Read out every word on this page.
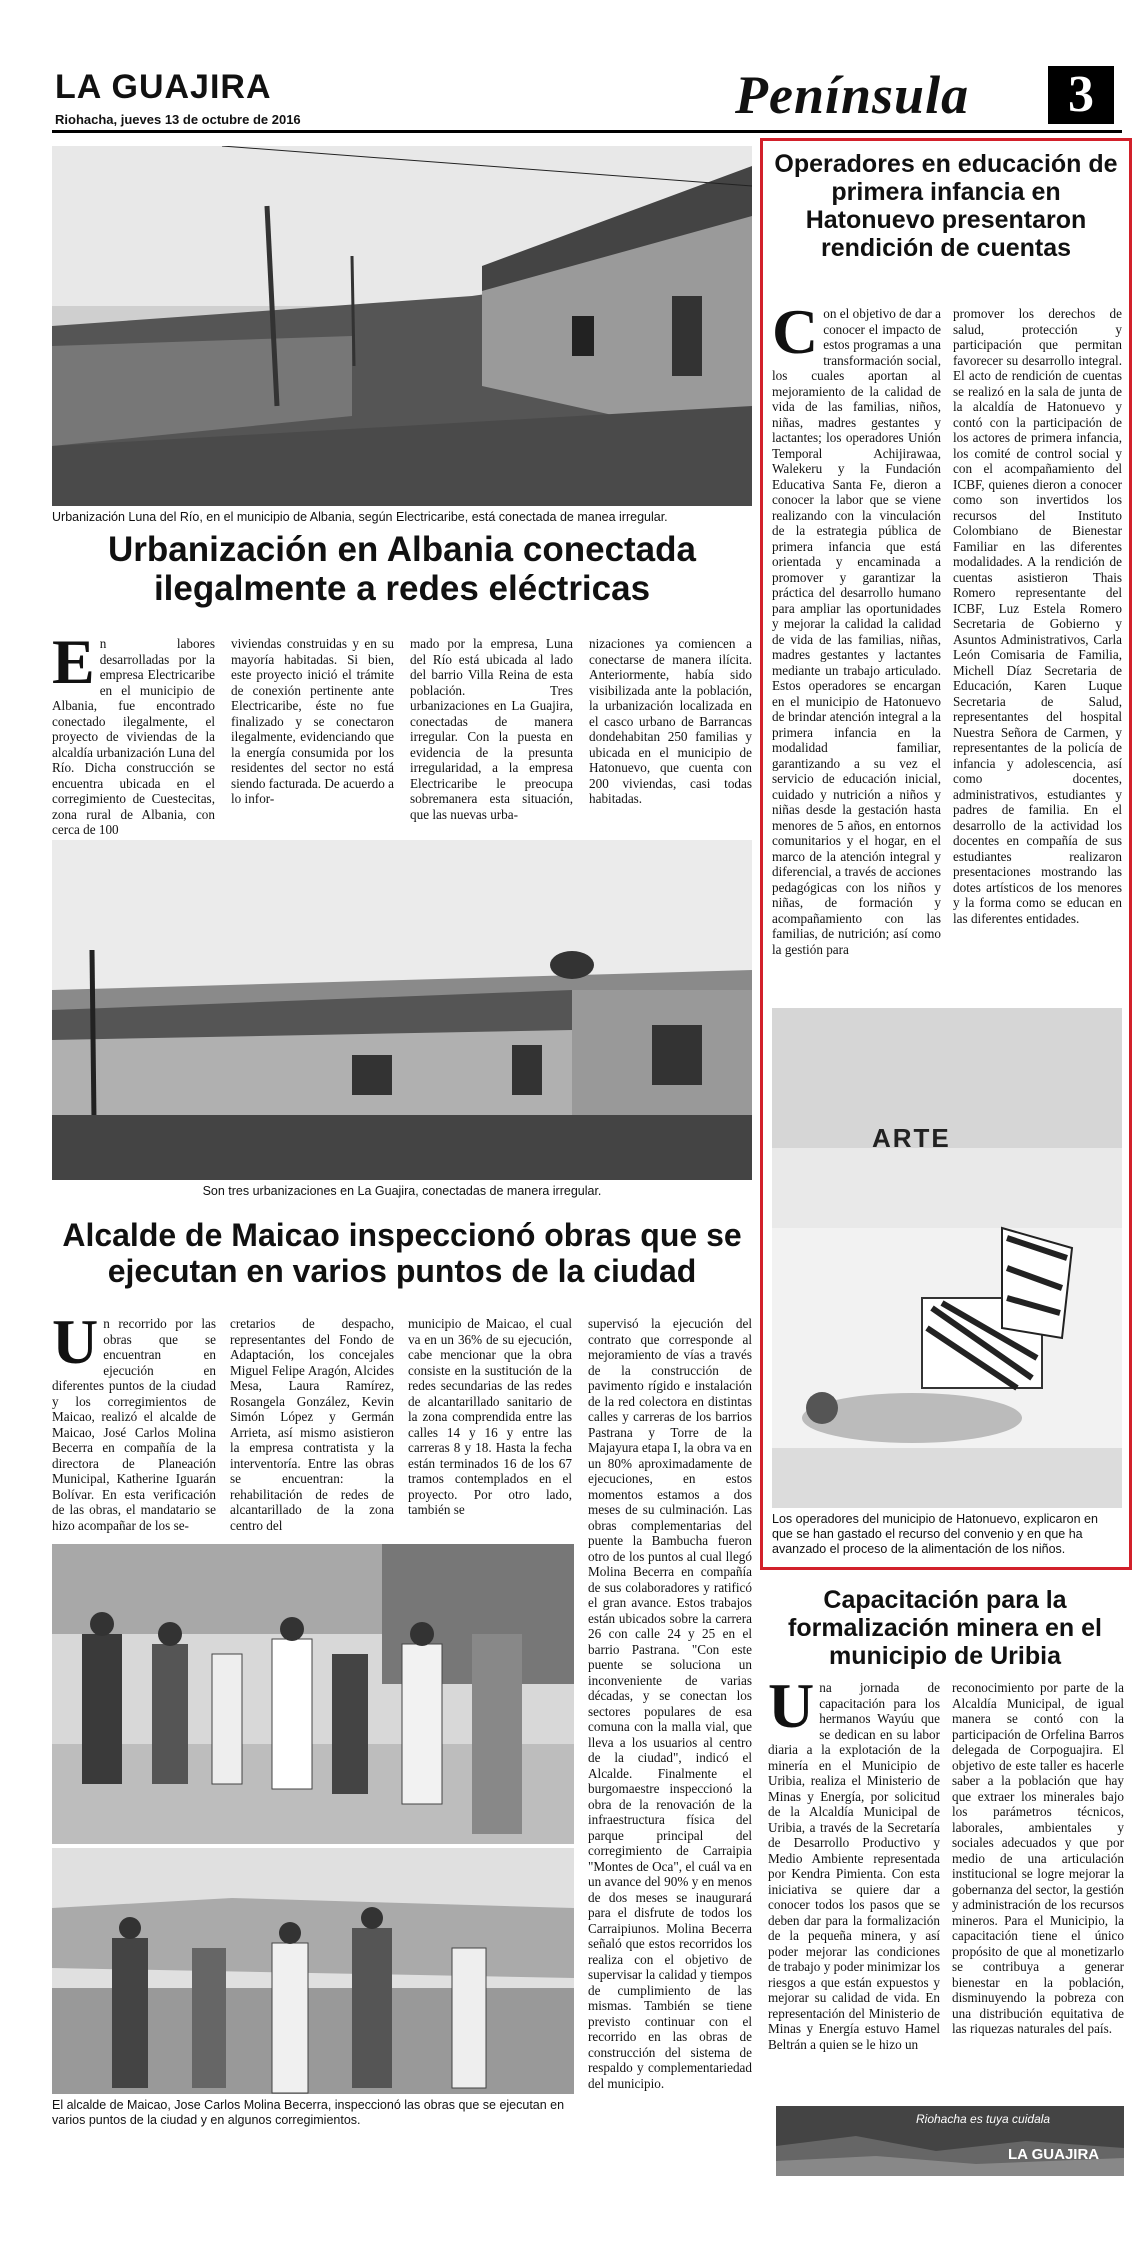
LA GUAJIRA
Riohacha, jueves 13 de octubre de 2016	Península	3
Urbanización Luna del Río, en el municipio de Albania, según Electricaribe, está conectada de manea irregular.
Urbanización en Albania conectada ilegalmente a redes eléctricas
En labores desarrolladas por la empresa Electricaribe en el municipio de Albania, fue encontrado conectado ilegalmente, el proyecto de viviendas de la alcaldía urbanización Luna del Río. Dicha construcción se encuentra ubicada en el corregimiento de Cuestecitas, zona rural de Albania, con cerca de 100
viviendas construidas y en su mayoría habitadas. Si bien, este proyecto inició el trámite de conexión pertinente ante Electricaribe, éste no fue finalizado y se conectaron ilegalmente, evidenciando que la energía consumida por los residentes del sector no está siendo facturada. De acuerdo a lo infor-
mado por la empresa, Luna del Río está ubicada al lado del barrio Villa Reina de esta población. Tres urbanizaciones en La Guajira, conectadas de manera irregular. Con la puesta en evidencia de la presunta irregularidad, a la empresa Electricaribe le preocupa sobremanera esta situación, que las nuevas urba-
nizaciones ya comiencen a conectarse de manera ilícita. Anteriormente, había sido visibilizada ante la población, la urbanización localizada en el casco urbano de Barrancas dondehabitan 250 familias y ubicada en el municipio de Hatonuevo, que cuenta con 200 viviendas, casi todas habitadas.
Son tres urbanizaciones en La Guajira, conectadas de manera irregular.
Alcalde de Maicao inspeccionó obras que se ejecutan en varios puntos de la ciudad
Un recorrido por las obras que se encuentran en ejecución en diferentes puntos de la ciudad y los corregimientos de Maicao, realizó el alcalde de Maicao, José Carlos Molina Becerra en compañía de la directora de Planeación Municipal, Katherine Iguarán Bolívar. En esta verificación de las obras, el mandatario se hizo acompañar de los se-
cretarios de despacho, representantes del Fondo de Adaptación, los concejales Miguel Felipe Aragón, Alcides Mesa, Laura Ramírez, Rosangela González, Kevin Simón López y Germán Arrieta, así mismo asistieron la empresa contratista y la interventoría. Entre las obras se encuentran: la rehabilitación de redes de alcantarillado de la zona centro del
municipio de Maicao, el cual va en un 36% de su ejecución, cabe mencionar que la obra consiste en la sustitución de la redes secundarias de las redes de alcantarillado sanitario de la zona comprendida entre las calles 14 y 16 y entre las carreras 8 y 18. Hasta la fecha están terminados 16 de los 67 tramos contemplados en el proyecto. Por otro lado, también se
supervisó la ejecución del contrato que corresponde al mejoramiento de vías a través de la construcción de pavimento rígido e instalación de la red colectora en distintas calles y carreras de los barrios Pastrana y Torre de la Majayura etapa I, la obra va en un 80% aproximadamente de ejecuciones, en estos momentos estamos a dos meses de su culminación. Las obras complementarias del puente la Bambucha fueron otro de los puntos al cual llegó Molina Becerra en compañía de sus colaboradores y ratificó el gran avance. Estos trabajos están ubicados sobre la carrera 26 con calle 24 y 25 en el barrio Pastrana. "Con este puente se soluciona un inconveniente de varias décadas, y se conectan los sectores populares de esa comuna con la malla vial, que lleva a los usuarios al centro de la ciudad", indicó el Alcalde. Finalmente el burgomaestre inspeccionó la obra de la renovación de la infraestructura física del parque principal del corregimiento de Carraipia "Montes de Oca", el cuál va en un avance del 90% y en menos de dos meses se inaugurará para el disfrute de todos los Carraipiunos. Molina Becerra señaló que estos recorridos los realiza con el objetivo de supervisar la calidad y tiempos de cumplimiento de las mismas. También se tiene previsto continuar con el recorrido en las obras de construcción del sistema de respaldo y complementariedad del municipio.
El alcalde de Maicao, Jose Carlos Molina Becerra, inspeccionó las obras que se ejecutan en varios puntos de la ciudad y en algunos corregimientos.
Operadores en educación de primera infancia en Hatonuevo presentaron rendición de cuentas
Con el objetivo de dar a conocer el impacto de estos programas a una transformación social, los cuales aportan al mejoramiento de la calidad de vida de las familias, niños, niñas, madres gestantes y lactantes; los operadores Unión Temporal Achijirawaa, Walekeru y la Fundación Educativa Santa Fe, dieron a conocer la labor que se viene realizando con la vinculación de la estrategia pública de primera infancia que está orientada y encaminada a promover y garantizar la práctica del desarrollo humano para ampliar las oportunidades y mejorar la calidad la calidad de vida de las familias, niñas, madres gestantes y lactantes mediante un trabajo articulado. Estos operadores se encargan en el municipio de Hatonuevo de brindar atención integral a la primera infancia en la modalidad familiar, garantizando a su vez el servicio de educación inicial, cuidado y nutrición a niños y niñas desde la gestación hasta menores de 5 años, en entornos comunitarios y el hogar, en el marco de la atención integral y diferencial, a través de acciones pedagógicas con los niños y niñas, de formación y acompañamiento con las familias, de nutrición; así como la gestión para
promover los derechos de salud, protección y participación que permitan favorecer su desarrollo integral. El acto de rendición de cuentas se realizó en la sala de junta de la alcaldía de Hatonuevo y contó con la participación de los actores de primera infancia, los comité de control social y con el acompañamiento del ICBF, quienes dieron a conocer como son invertidos los recursos del Instituto Colombiano de Bienestar Familiar en las diferentes modalidades. A la rendición de cuentas asistieron Thais Romero representante del ICBF, Luz Estela Romero Secretaria de Gobierno y Asuntos Administrativos, Carla León Comisaria de Familia, Michell Díaz Secretaria de Educación, Karen Luque Secretaria de Salud, representantes del hospital Nuestra Señora de Carmen, y representantes de la policía de infancia y adolescencia, así como docentes, administrativos, estudiantes y padres de familia. En el desarrollo de la actividad los docentes en compañía de sus estudiantes realizaron presentaciones mostrando las dotes artísticos de los menores y la forma como se educan en las diferentes entidades.
ARTE
Los operadores del municipio de Hatonuevo, explicaron en que se han gastado el recurso del convenio y en que ha avanzado el proceso de la alimentación de los niños.
Capacitación para la formalización minera en el municipio de Uribia
Una jornada de capacitación para los hermanos Wayúu que se dedican en su labor diaria a la explotación de la minería en el Municipio de Uribia, realiza el Ministerio de Minas y Energía, por solicitud de la Alcaldía Municipal de Uribia, a través de la Secretaría de Desarrollo Productivo y Medio Ambiente representada por Kendra Pimienta. Con esta iniciativa se quiere dar a conocer todos los pasos que se deben dar para la formalización de la pequeña minera, y así poder mejorar las condiciones de trabajo y poder minimizar los riesgos a que están expuestos y mejorar su calidad de vida. En representación del Ministerio de Minas y Energía estuvo Hamel Beltrán a quien se le hizo un
reconocimiento por parte de la Alcaldía Municipal, de igual manera se contó con la participación de Orfelina Barros delegada de Corpoguajira. El objetivo de este taller es hacerle saber a la población que hay que extraer los minerales bajo los parámetros técnicos, laborales, ambientales y sociales adecuados y que por medio de una articulación institucional se logre mejorar la gobernanza del sector, la gestión y administración de los recursos mineros. Para el Municipio, la capacitación tiene el único propósito de que al monetizarlo se contribuya a generar bienestar en la población, disminuyendo la pobreza con una distribución equitativa de las riquezas naturales del país.
Riohacha es tuya cuidala
LA GUAJIRA
